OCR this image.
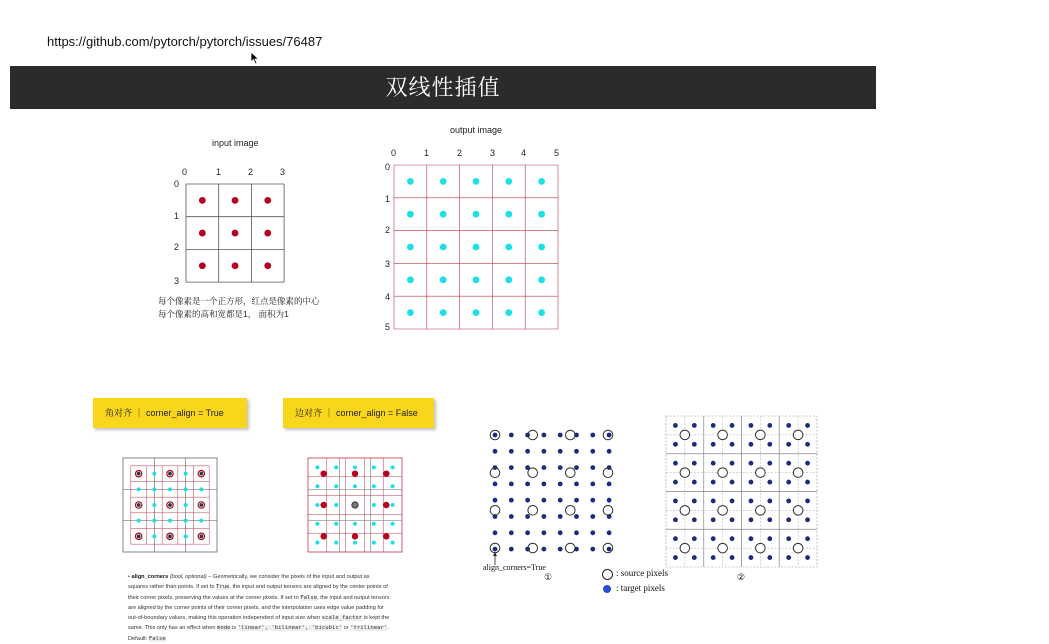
https://github.com/pytorch/pytorch/issues/76487
双线性插值
input image
0	1	2	3
0
1
2
3
每个像素是一个正方形，红点是像素的中心
每个像素的高和宽都是1， 面积为1
output image
0	1	2	3	4	5
0
1
2
3
4
5
角对齐 ｜ corner_align = True	边对齐 ｜ corner_align = False
• align_corners (bool, optional) – Geometrically, we consider the pixels of the input and output as squares rather than points. If set to True, the input and output tensors are aligned by the center points of their corner pixels, preserving the values at the corner pixels. If set to False, the input and output tensors are aligned by the corner points of their corner pixels, and the interpolation uses edge value padding for out-of-boundary values, making this operation independent of input size when scale_factor is kept the same. This only has an effect when mode is 'linear', 'bilinear', 'bicubic' or 'trilinear'. Default: False
align_corners=True
①	②
: source pixels
: target pixels
